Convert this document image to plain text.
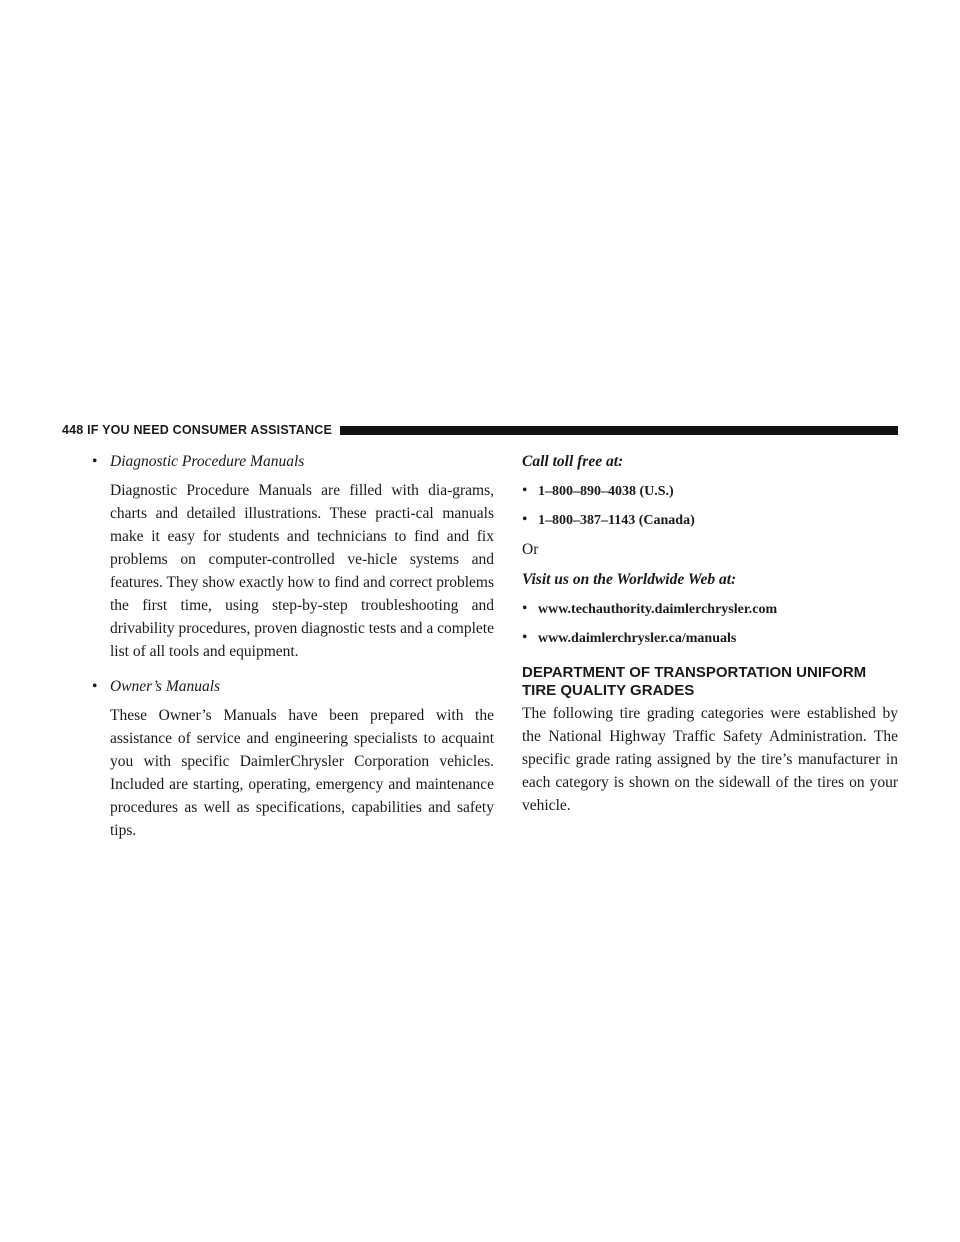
448 IF YOU NEED CONSUMER ASSISTANCE
• Diagnostic Procedure Manuals

Diagnostic Procedure Manuals are filled with dia-grams, charts and detailed illustrations. These practi-cal manuals make it easy for students and technicians to find and fix problems on computer-controlled ve-hicle systems and features. They show exactly how to find and correct problems the first time, using step-by-step troubleshooting and drivability procedures, proven diagnostic tests and a complete list of all tools and equipment.

• Owner’s Manuals

These Owner’s Manuals have been prepared with the assistance of service and engineering specialists to acquaint you with specific DaimlerChrysler Corporation vehicles. Included are starting, operating, emergency and maintenance procedures as well as specifications, capabilities and safety tips.

Call toll free at:

• 1–800–890–4038 (U.S.)
• 1–800–387–1143 (Canada)

Or

Visit us on the Worldwide Web at:

• www.techauthority.daimlerchrysler.com
• www.daimlerchrysler.ca/manuals
DEPARTMENT OF TRANSPORTATION UNIFORM TIRE QUALITY GRADES

The following tire grading categories were established by the National Highway Traffic Safety Administration. The specific grade rating assigned by the tire’s manufacturer in each category is shown on the sidewall of the tires on your vehicle.
